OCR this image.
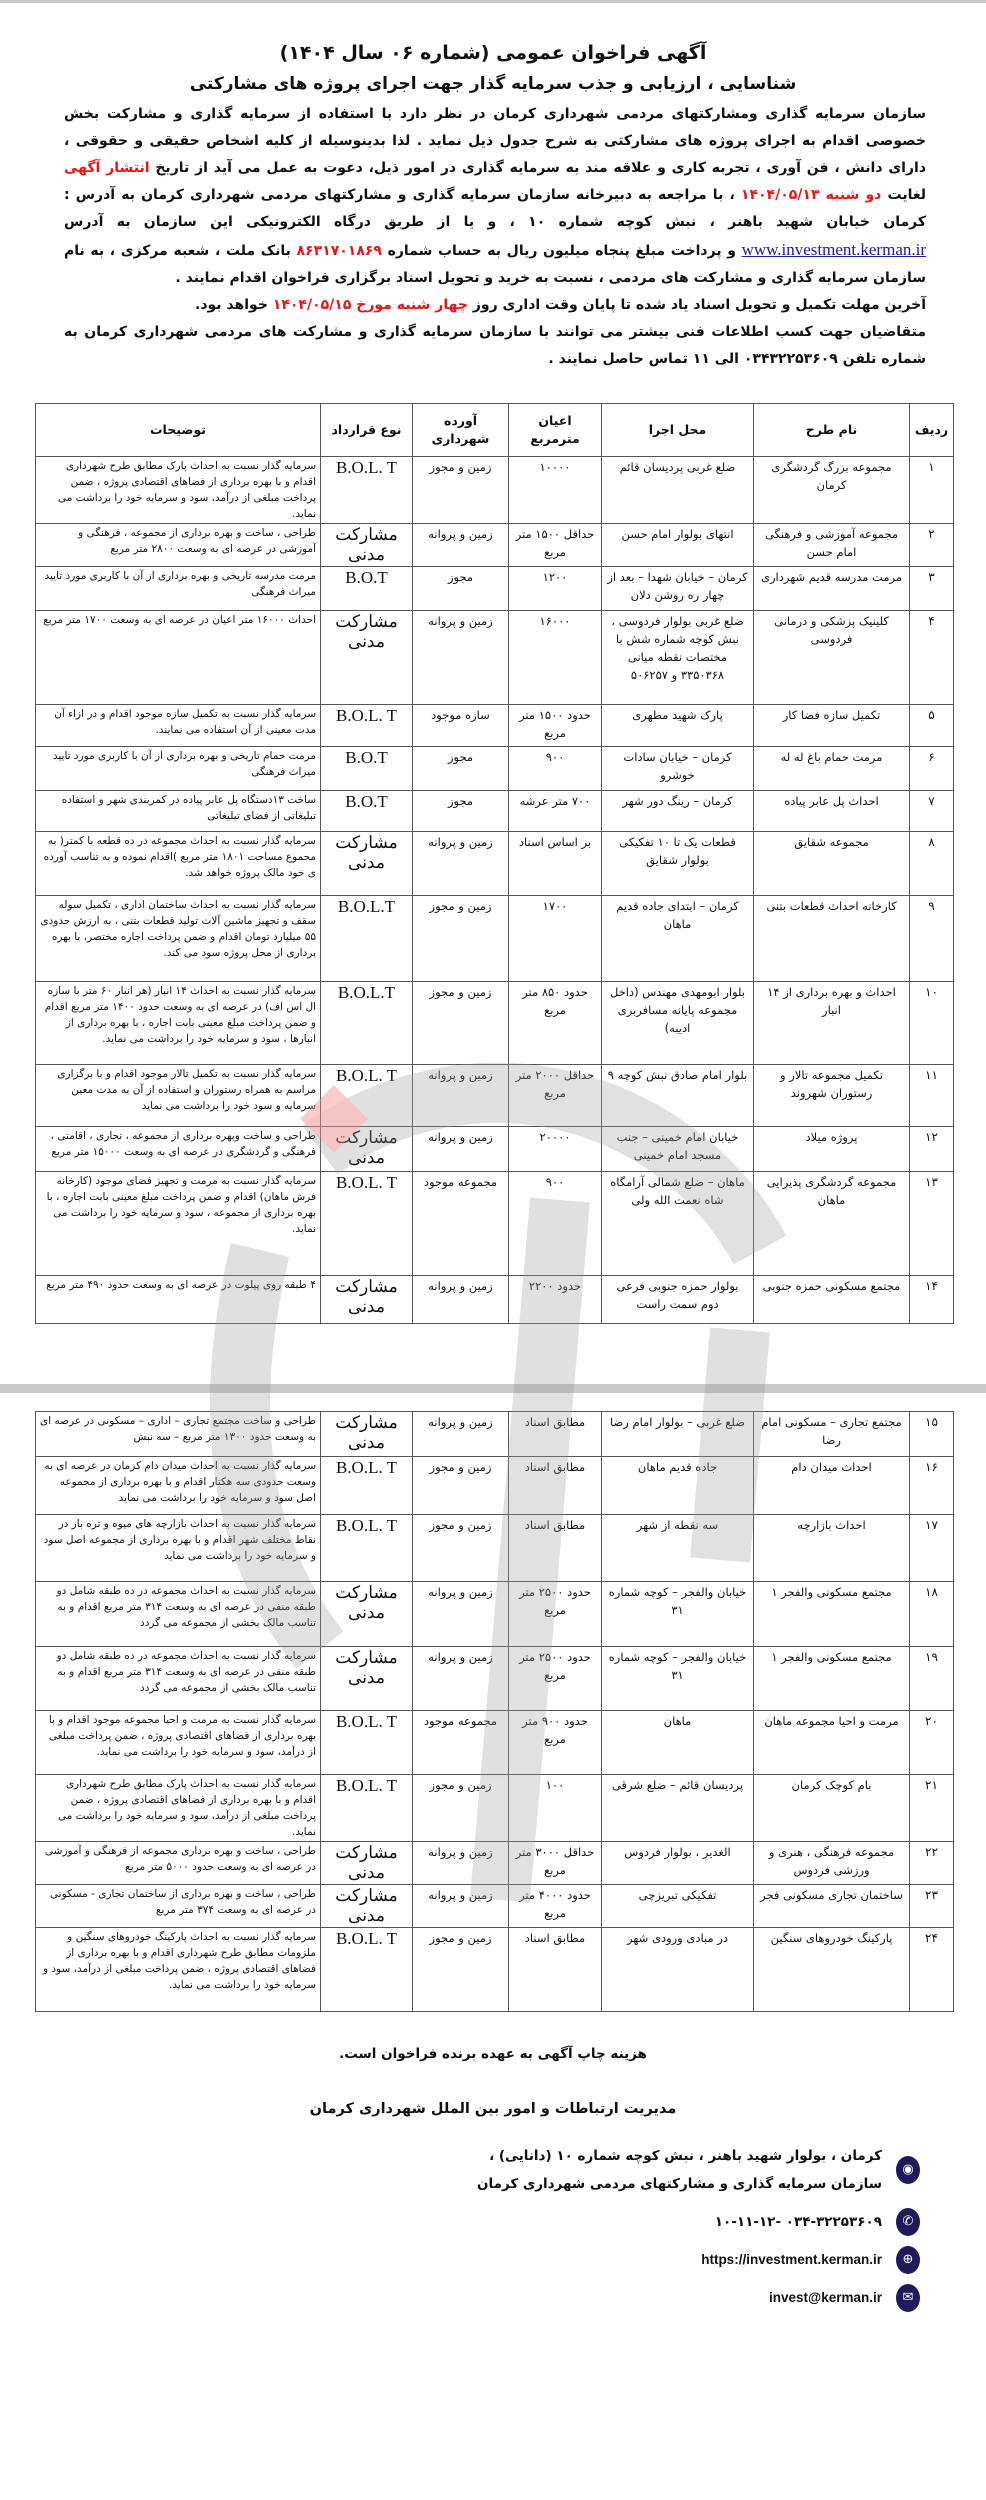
آگهی فراخوان عمومی (شماره ۰۶ سال ۱۴۰۴)
شناسایی ، ارزیابی و جذب سرمایه گذار جهت اجرای پروژه های مشارکتی
سازمان سرمایه گذاری ومشارکتهای مردمی شهرداری کرمان در نظر دارد با استفاده از سرمایه گذاری و مشارکت بخش خصوصی اقدام به اجرای پروژه های مشارکتی به شرح جدول ذیل نماید . لذا بدینوسیله از کلیه اشخاص حقیقی و حقوقی ، دارای دانش ، فن آوری ، تجربه کاری و علاقه مند به سرمایه گذاری در امور ذیل، دعوت به عمل می آید از تاریخ انتشار آگهی لغایت دو شنبه ۱۴۰۴/۰۵/۱۳ ، با مراجعه به دبیرخانه سازمان سرمایه گذاری و مشارکتهای مردمی شهرداری کرمان به آدرس : کرمان خیابان شهید باهنر ، نبش کوچه شماره ۱۰ ، و یا از طریق درگاه الکترونیکی این سازمان به آدرس www.investment.kerman.ir و پرداخت مبلغ پنجاه میلیون ریال به حساب شماره ۸۶۳۱۷۰۱۸۶۹ بانک ملت ، شعبه مرکزی ، به نام سازمان سرمایه گذاری و مشارکت های مردمی ، نسبت به خرید و تحویل اسناد برگزاری فراخوان اقدام نمایند .
آخرین مهلت تکمیل و تحویل اسناد یاد شده تا پایان وقت اداری روز چهار شنبه مورخ ۱۴۰۴/۰۵/۱۵ خواهد بود.
متقاضیان جهت کسب اطلاعات فنی بیشتر می توانند با سازمان سرمایه گذاری و مشارکت های مردمی شهرداری کرمان به شماره تلفن ۰۳۴۳۲۲۵۳۶۰۹ الی ۱۱ تماس حاصل نمایند .
ردیف	نام طرح	محل اجرا	اعیان مترمربع	آورده شهرداری	نوع قرارداد	توضیحات
۱	مجموعه بزرگ گردشگری کرمان	ضلع غربی پردیسان قائم	۱۰۰۰۰	زمین و مجوز	B.O.L. T	سرمایه گذار نسبت به احداث پارک مطابق طرح شهرداری اقدام و با بهره برداری از فضاهای اقتصادی پروژه ، ضمن پرداخت مبلغی از درآمد، سود و سرمایه خود را برداشت می نماید.
۲	مجموعه آموزشی و فرهنگی امام حسن	انتهای بولوار امام حسن	حداقل ۱۵۰۰ متر مربع	زمین و پروانه	مشارکت مدنی	طراحی ، ساخت و بهره برداری از مجموعه ، فرهنگی و آموزشی در عرصه ای به وسعت ۲۸۰۰ متر مربع
۳	مرمت مدرسه قدیم شهرداری	کرمان – خیابان شهدا – بعد از چهار ره روشن دلان	۱۲۰۰	مجوز	B.O.T	مرمت مدرسه تاریخی و بهره برداری از آن با کاربری مورد تایید میراث فرهنگی
۴	کلینیک پزشکی و درمانی فردوسی	ضلع غربی بولوار فردوسی ، نبش کوچه شماره شش با مختصات نقطه میانی ۳۳۵۰۳۶۸ و ۵۰۶۲۵۷	۱۶۰۰۰	زمین و پروانه	مشارکت مدنی	احداث ۱۶۰۰۰ متر اعیان در عرصه ای به وسعت ۱۷۰۰ متر مربع
۵	تکمیل سازه فضا کار	پارک شهید مطهری	حدود ۱۵۰۰ متر مربع	سازه موجود	B.O.L. T	سرمایه گذار نسبت به تکمیل سازه موجود اقدام و در ازاء آن مدت معینی از آن استفاده می نمایند.
۶	مرمت حمام باغ له له	کرمان – خیابان سادات خوشرو	۹۰۰	مجوز	B.O.T	مرمت حمام تاریخی و بهره برداری از آن با کاربری مورد تایید میراث فرهنگی
۷	احداث پل عابر پیاده	کرمان – رینگ دور شهر	۷۰۰ متر عرشه	مجوز	B.O.T	ساخت ۱۳دستگاه پل عابر پیاده در کمربندی شهر و استفاده تبلیغاتی از فضای تبلیغاتی
۸	مجموعه شقایق	قطعات یک تا ۱۰ تفکیکی بولوار شقایق	بر اساس اسناد	زمین و پروانه	مشارکت مدنی	سرمایه گذار نسبت به احداث مجموعه در ده قطعه با کمتر( به مجموع مساحت ۱۸۰۱ متر مربع )اقدام نموده و به تناسب آورده ی خود مالک پروژه خواهد شد.
۹	کارخانه احداث قطعات بتنی	کرمان – ابتدای جاده قدیم ماهان	۱۷۰۰	زمین و مجوز	B.O.L.T	سرمایه گذار نسبت به احداث ساختمان اداری ، تکمیل سوله سقف و تجهیز ماشین آلات تولید قطعات بتنی ، به ارزش حدودی ۵۵ میلیارد تومان اقدام و ضمن پرداخت اجاره مختصر، با بهره برداری از محل پروژه سود می کند.
۱۰	احداث و بهره برداری از ۱۴ انبار	بلوار ابومهدی مهندس (داخل مجموعه پایانه مسافربری ادیبه)	حدود ۸۵۰ متر مربع	زمین و مجوز	B.O.L.T	سرمایه گذار نسبت به احداث ۱۴ انبار (هر انبار ۶۰ متر با سازه ال اس اف) در عرصه ای به وسعت حدود ۱۴۰۰ متر مربع اقدام و ضمن پرداخت مبلغ معینی بابت اجاره ، با بهره برداری از انبارها ، سود و سرمایه خود را برداشت می نماید.
۱۱	تکمیل مجموعه تالار و رستوران شهروند	بلوار امام صادق نبش کوچه ۹	حداقل ۲۰۰۰ متر مربع	زمین و پروانه	B.O.L. T	سرمایه گذار نسبت به تکمیل تالار موجود اقدام و با برگزاری مراسم به همراه رستوران و استفاده از آن به مدت معین سرمایه و سود خود را برداشت می نماید
۱۲	پروژه میلاد	خیابان امام خمینی – جنب مسجد امام خمینی	۲۰۰۰۰	زمین و پروانه	مشارکت مدنی	طراحی و ساخت وبهره برداری از مجموعه ، تجاری ، اقامتی ، فرهنگی و گردشگری در عرصه ای به وسعت ۱۵۰۰۰ متر مربع
۱۳	مجموعه گردشگری پذیرایی ماهان	ماهان – ضلع شمالی آرامگاه شاه نعمت الله ولی	۹۰۰	مجموعه موجود	B.O.L. T	سرمایه گذار نسبت به مرمت و تجهیز فضای موجود (کارخانه فرش ماهان) اقدام و ضمن پرداخت مبلغ معینی بابت اجاره ، با بهره برداری از مجموعه ، سود و سرمایه خود را برداشت می نماید.
۱۴	مجتمع مسکونی حمزه جنوبی	بولوار حمزه جنوبی فرعی دوم سمت راست	حدود ۲۲۰۰	زمین و پروانه	مشارکت مدنی	۴ طبقه روی پیلوت در عرصه ای به وسعت حدود ۴۹۰ متر مربع
۱۵	مجتمع تجاری – مسکونی امام رضا	ضلع غربی – بولوار امام رضا	مطابق اسناد	زمین و پروانه	مشارکت مدنی	طراحی و ساخت مجتمع تجاری – اداری – مسکونی در عرصه ای به وسعت حدود ۱۳۰۰ متر مربع – سه نبش
۱۶	احداث میدان دام	جاده قدیم ماهان	مطابق اسناد	زمین و مجوز	B.O.L. T	سرمایه گذار نسبت به احداث میدان دام کرمان در عرصه ای به وسعت حدودی سه هکتار اقدام و با بهره برداری از مجموعه اصل سود و سرمایه خود را برداشت می نماید
۱۷	احداث بازارچه	سه نقطه از شهر	مطابق اسناد	زمین و مجوز	B.O.L. T	سرمایه گذار نسبت به احداث بازارچه های میوه و تره بار در نقاط مختلف شهر اقدام و با بهره برداری از مجموعه اصل سود و سرمایه خود را برداشت می نماید
۱۸	مجتمع مسکونی والفجر ۱	خیابان والفجر – کوچه شماره ۳۱	حدود ۲۵۰۰ متر مربع	زمین و پروانه	مشارکت مدنی	سرمایه گذار نسبت به احداث مجموعه در ده طبقه شامل دو طبقه منفی در عرصه ای به وسعت ۳۱۴ متر مربع اقدام و به تناسب مالک بخشی از مجموعه می گردد
۱۹	مجتمع مسکونی والفجر ۱	خیابان والفجر – کوچه شماره ۳۱	حدود ۲۵۰۰ متر مربع	زمین و پروانه	مشارکت مدنی	سرمایه گذار نسبت به احداث مجموعه در ده طبقه شامل دو طبقه منفی در عرصه ای به وسعت ۳۱۴ متر مربع اقدام و به تناسب مالک بخشی از مجموعه می گردد
۲۰	مرمت و احیا مجموعه ماهان	ماهان	حدود ۹۰۰ متر مربع	مجموعه موجود	B.O.L. T	سرمایه گذار نسبت به مرمت و احیا مجموعه موجود اقدام و با بهره برداری از فضاهای اقتصادی پروژه ، ضمن پرداخت مبلغی از درآمد، سود و سرمایه خود را برداشت می نماید.
۲۱	بام کوچک کرمان	پردیسان قائم – ضلع شرقی	۱۰۰	زمین و مجوز	B.O.L. T	سرمایه گذار نسبت به احداث پارک مطابق طرح شهرداری اقدام و با بهره برداری از فضاهای اقتصادی پروژه ، ضمن پرداخت مبلغی از درآمد، سود و سرمایه خود را برداشت می نماید.
۲۲	مجموعه فرهنگی ، هنری و ورزشی فردوس	الغدیر ، بولوار فردوس	حداقل ۳۰۰۰ متر مربع	زمین و پروانه	مشارکت مدنی	طراحی ، ساخت و بهره برداری مجموعه از فرهنگی و آموزشی در عرصه ای به وسعت حدود ۵۰۰۰ متر مربع
۲۳	ساختمان تجاری مسکونی فجر	تفکیکی تبریزچی	حدود ۴۰۰۰ متر مربع	زمین و پروانه	مشارکت مدنی	طراحی ، ساخت و بهره برداری از ساختمان تجاری - مسکونی در عرصه ای به وسعت ۳۷۴ متر مربع
۲۴	پارکینگ خودروهای سنگین	در مبادی ورودی شهر	مطابق اسناد	زمین و مجوز	B.O.L. T	سرمایه گذار نسبت به احداث پارکینگ خودروهای سنگین و ملزومات مطابق طرح شهرداری اقدام و با بهره برداری از فضاهای اقتصادی پروژه ، ضمن پرداخت مبلغی از درآمد، سود و سرمایه خود را برداشت می نماید.
هزینه چاپ آگهی به عهده برنده فراخوان است.
مدیریت ارتباطات و امور بین الملل شهرداری کرمان
◉
کرمان ، بولوار شهید باهنر ، نبش کوچه شماره ۱۰ (دانایی) ،
سازمان سرمایه گذاری و مشارکتهای مردمی شهرداری کرمان
✆
۰۳۴-۳۲۲۵۳۶۰۹ -۱۰-۱۱-۱۲
⊕
https://investment.kerman.ir
✉
invest@kerman.ir
